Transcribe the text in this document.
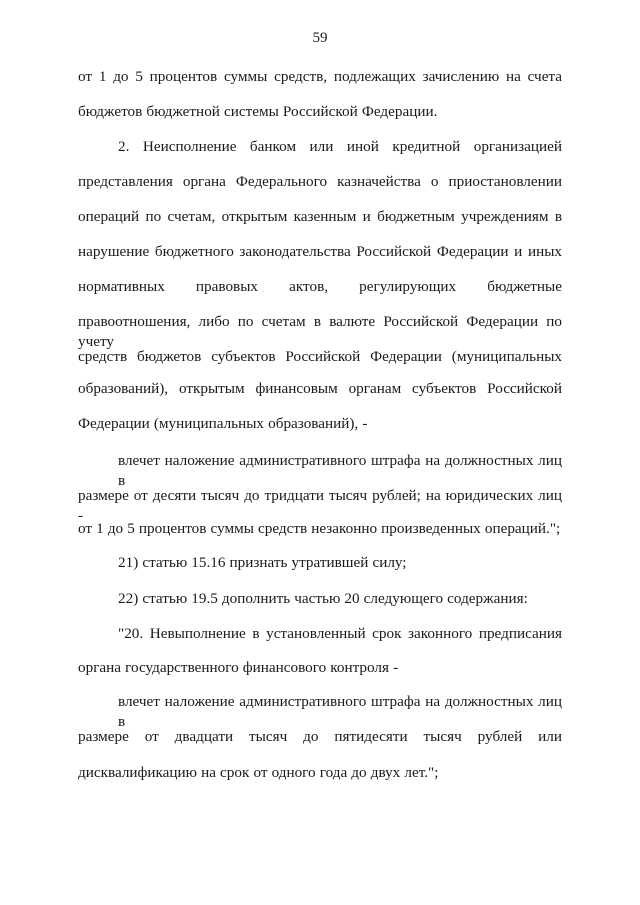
59
от 1 до 5 процентов суммы средств, подлежащих зачислению на счета
бюджетов бюджетной системы Российской Федерации.
2. Неисполнение банком или иной кредитной организацией
представления органа Федерального казначейства о приостановлении
операций по счетам, открытым казенным и бюджетным учреждениям в
нарушение бюджетного законодательства Российской Федерации и иных
нормативных правовых актов, регулирующих бюджетные
правоотношения, либо по счетам в валюте Российской Федерации по учету
средств бюджетов субъектов Российской Федерации (муниципальных
образований), открытым финансовым органам субъектов Российской
Федерации (муниципальных образований), -
влечет наложение административного штрафа на должностных лиц в
размере от десяти тысяч до тридцати тысяч рублей; на юридических лиц -
от 1 до 5 процентов суммы средств незаконно произведенных операций.";
21) статью 15.16 признать утратившей силу;
22) статью 19.5 дополнить частью 20 следующего содержания:
"20. Невыполнение в установленный срок законного предписания
органа государственного финансового контроля -
влечет наложение административного штрафа на должностных лиц в
размере от двадцати тысяч до пятидесяти тысяч рублей или
дисквалификацию на срок от одного года до двух лет.";
